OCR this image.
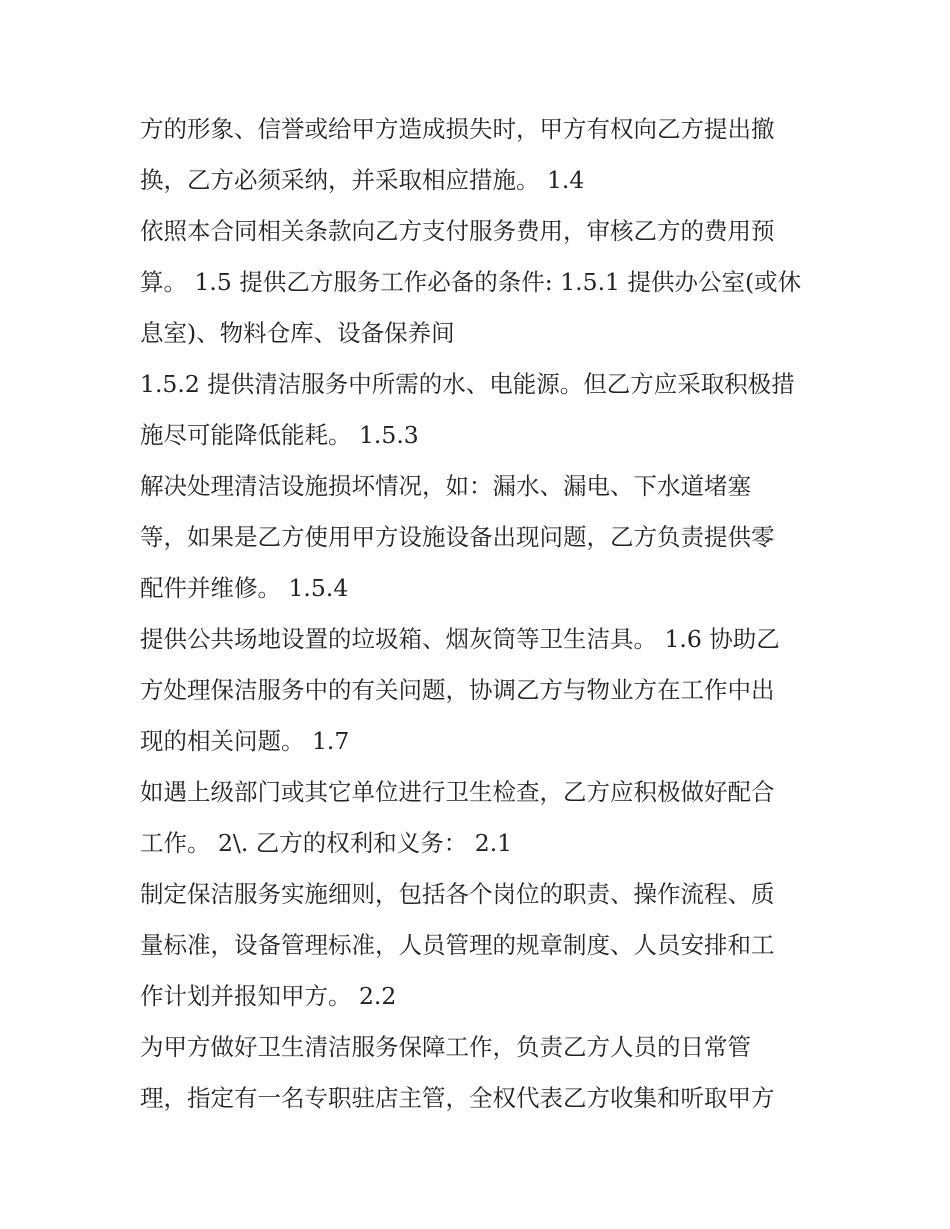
方的形象、信誉或给甲方造成损失时，甲方有权向乙方提出撤
换，乙方必须采纳，并采取相应措施。 1.4
依照本合同相关条款向乙方支付服务费用，审核乙方的费用预
算。 1.5 提供乙方服务工作必备的条件: 1.5.1 提供办公室(或休
息室)、物料仓库、设备保养间
1.5.2 提供清洁服务中所需的水、电能源。但乙方应采取积极措
施尽可能降低能耗。 1.5.3
解决处理清洁设施损坏情况，如：漏水、漏电、下水道堵塞
等，如果是乙方使用甲方设施设备出现问题，乙方负责提供零
配件并维修。 1.5.4
提供公共场地设置的垃圾箱、烟灰筒等卫生洁具。 1.6 协助乙
方处理保洁服务中的有关问题，协调乙方与物业方在工作中出
现的相关问题。 1.7
如遇上级部门或其它单位进行卫生检查，乙方应积极做好配合
工作。 2\. 乙方的权利和义务： 2.1
制定保洁服务实施细则，包括各个岗位的职责、操作流程、质
量标准，设备管理标准，人员管理的规章制度、人员安排和工
作计划并报知甲方。 2.2
为甲方做好卫生清洁服务保障工作，负责乙方人员的日常管
理，指定有一名专职驻店主管，全权代表乙方收集和听取甲方
